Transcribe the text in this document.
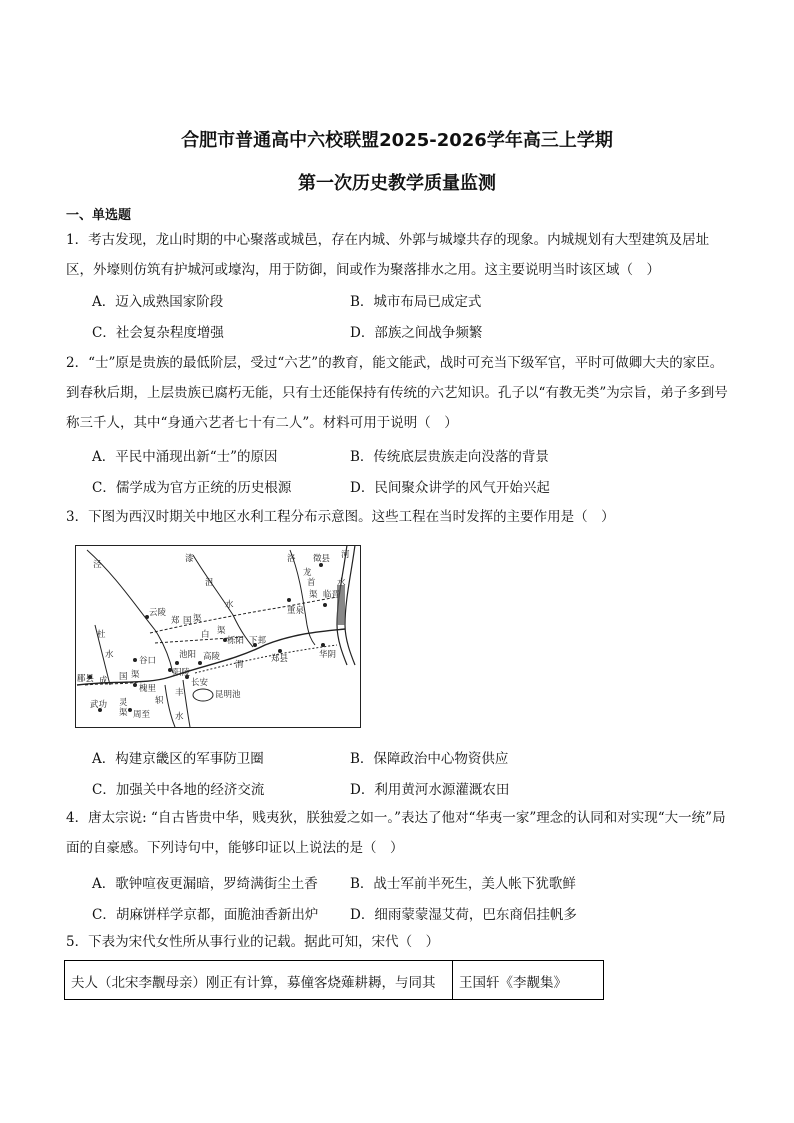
合肥市普通高中六校联盟2025-2026学年高三上学期
第一次历史教学质量监测
一、单选题
1．考古发现，龙山时期的中心聚落或城邑，存在内城、外郭与城壕共存的现象。内城规划有大型建筑及居址区，外壕则仿筑有护城河或壕沟，用于防御，间或作为聚落排水之用。这主要说明当时该区域（　）
A．迈入成熟国家阶段	B．城市布局已成定式
C．社会复杂程度增强	D．部族之间战争频繁
2．“士”原是贵族的最低阶层，受过“六艺”的教育，能文能武，战时可充当下级军官，平时可做卿大夫的家臣。到春秋后期，上层贵族已腐朽无能，只有士还能保持有传统的六艺知识。孔子以“有教无类”为宗旨，弟子多到号称三千人，其中“身通六艺者七十有二人”。材料可用于说明（　）
A．平民中涌现出新“士”的原因	B．传统底层贵族走向没落的背景
C．儒学成为官方正统的历史根源	D．民间聚众讲学的风气开始兴起
3．下图为西汉时期关中地区水利工程分布示意图。这些工程在当时发挥的主要作用是（　）
泾
漆
沮
水
洛 徵县
龙
首
渠
河
水
临晋
重泉
云陵
郑 国 渠
谷口
白 渠
栎阳 下邽
池阳 高陵
渭
阳陵
长安
郑县	华阴
杜
水
郿县 成 国 渠
槐里
武功 灵	轵
渠 周至
丰	昆明池
水
A．构建京畿区的军事防卫圈	B．保障政治中心物资供应
C．加强关中各地的经济交流	D．利用黄河水源灌溉农田
4．唐太宗说: “自古皆贵中华，贱夷狄，朕独爱之如一。”表达了他对“华夷一家”理念的认同和对实现“大一统”局面的自豪感。下列诗句中，能够印证以上说法的是（　）
A．歌钟喧夜更漏暗，罗绮满街尘土香	B．战士军前半死生，美人帐下犹歌鲜
C．胡麻饼样学京都，面脆油香新出炉	D．细雨蒙蒙湿艾荷，巴东商侣挂帆多
5．下表为宋代女性所从事行业的记载。据此可知，宋代（　）
夫人（北宋李觏母亲）刚正有计算，募僮客烧薙耕耨，与同其	王国轩《李觏集》
